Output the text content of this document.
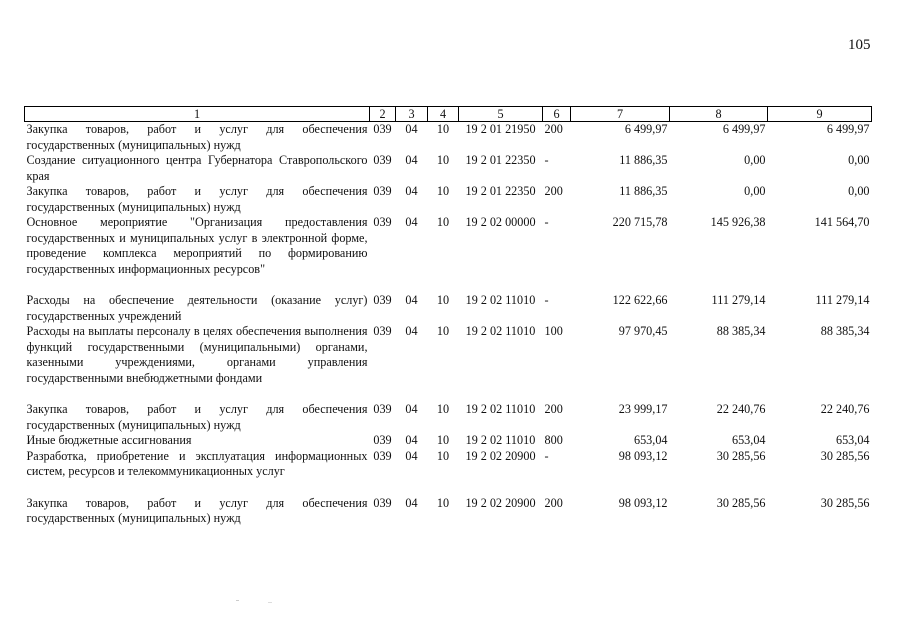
105
1	2	3	4	5	6	7	8	9
Закупка товаров, работ и услуг для обеспечения государственных (муниципальных) нужд	039	04	10	19 2 01 21950	200	6 499,97	6 499,97	6 499,97
Создание ситуационного центра Губернатора Ставропольского края	039	04	10	19 2 01 22350	-	11 886,35	0,00	0,00
Закупка товаров, работ и услуг для обеспечения государственных (муниципальных) нужд	039	04	10	19 2 01 22350	200	11 886,35	0,00	0,00
Основное мероприятие "Организация предоставления государственных и муниципальных услуг в электронной форме, проведение комплекса мероприятий по формированию государственных информационных ресурсов"	039	04	10	19 2 02 00000	-	220 715,78	145 926,38	141 564,70

Расходы на обеспечение деятельности (оказание услуг) государственных учреждений	039	04	10	19 2 02 11010	-	122 622,66	111 279,14	111 279,14
Расходы на выплаты персоналу в целях обеспечения выполнения функций государственными (муниципальными) органами, казенными учреждениями, органами управления государственными внебюджетными фондами	039	04	10	19 2 02 11010	100	97 970,45	88 385,34	88 385,34

Закупка товаров, работ и услуг для обеспечения государственных (муниципальных) нужд	039	04	10	19 2 02 11010	200	23 999,17	22 240,76	22 240,76
Иные бюджетные ассигнования	039	04	10	19 2 02 11010	800	653,04	653,04	653,04
Разработка, приобретение и эксплуатация информационных систем, ресурсов и телекоммуникационных услуг	039	04	10	19 2 02 20900	-	98 093,12	30 285,56	30 285,56

Закупка товаров, работ и услуг для обеспечения государственных (муниципальных) нужд	039	04	10	19 2 02 20900	200	98 093,12	30 285,56	30 285,56
